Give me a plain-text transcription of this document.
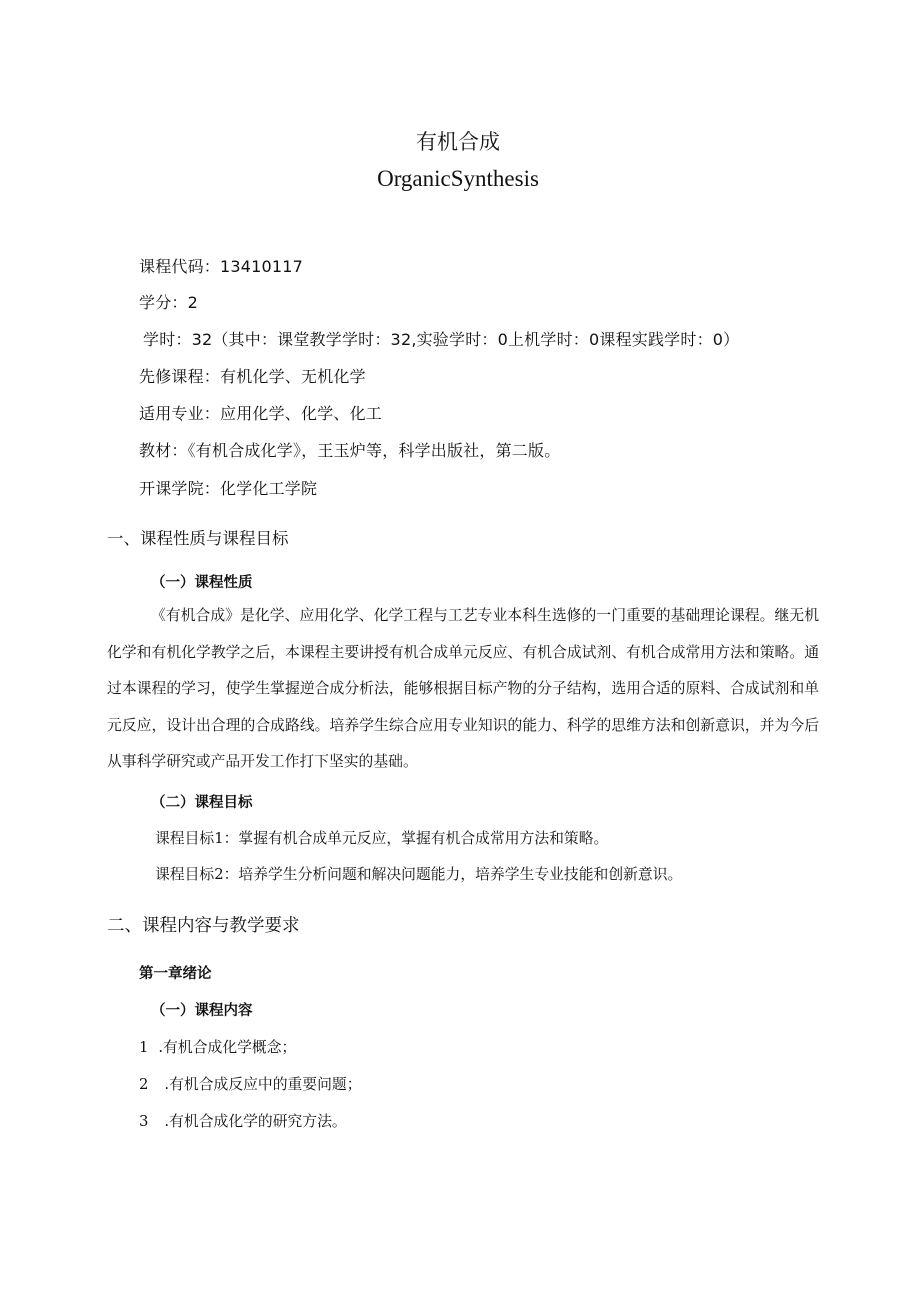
有机合成
OrganicSynthesis
课程代码：13410117
学分：2
学时：32（其中：课堂教学学时：32,实验学时：0上机学时：0课程实践学时：0）
先修课程：有机化学、无机化学
适用专业：应用化学、化学、化工
教材：《有机合成化学》，王玉炉等，科学出版社，第二版。
开课学院：化学化工学院
一、课程性质与课程目标
（一）课程性质

《有机合成》是化学、应用化学、化学工程与工艺专业本科生选修的一门重要的基础理论课程。继无机化学和有机化学教学之后，本课程主要讲授有机合成单元反应、有机合成试剂、有机合成常用方法和策略。通过本课程的学习，使学生掌握逆合成分析法，能够根据目标产物的分子结构，选用合适的原料、合成试剂和单元反应，设计出合理的合成路线。培养学生综合应用专业知识的能力、科学的思维方法和创新意识，并为今后从事科学研究或产品开发工作打下坚实的基础。

（二）课程目标
课程目标1：掌握有机合成单元反应，掌握有机合成常用方法和策略。
课程目标2：培养学生分析问题和解决问题能力，培养学生专业技能和创新意识。
二、课程内容与教学要求
第一章绪论
（一）课程内容
1 .有机合成化学概念；
2 .有机合成反应中的重要问题；
3 .有机合成化学的研究方法。
